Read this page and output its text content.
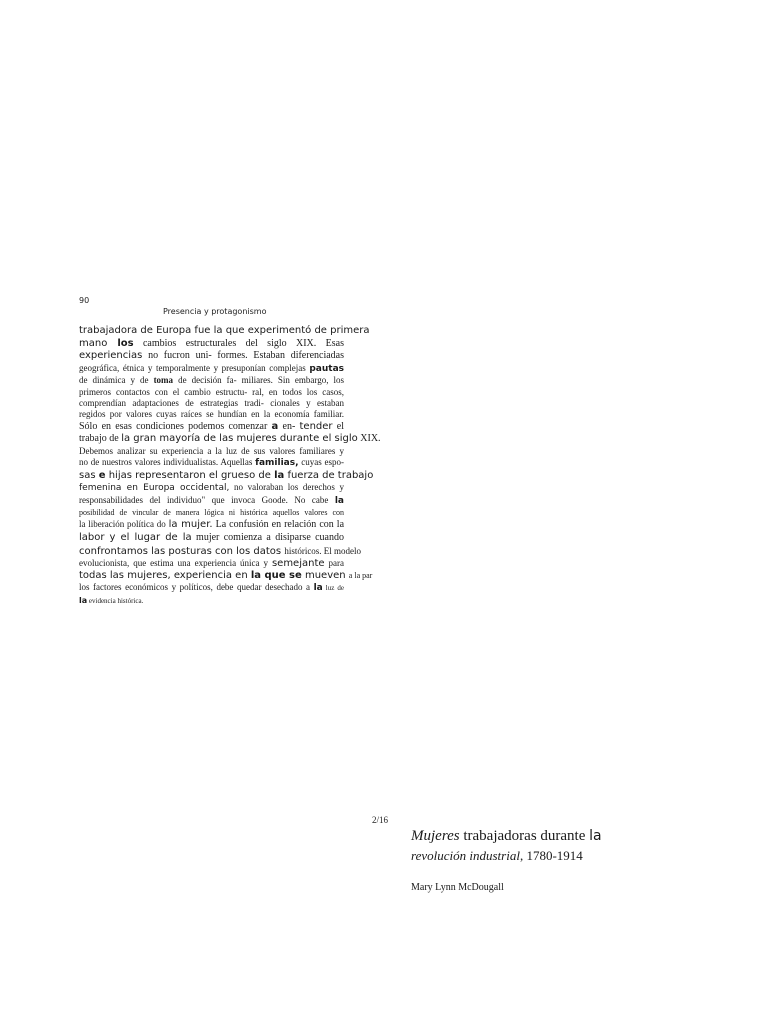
90
Presencia y protagonismo
trabajadora de Europa fue la que experimentó de primera
mano los cambios estructurales del siglo XIX. Esas
experiencias no fucron uni- formes. Estaban diferenciadas
geográfica, étnica y temporalmente y presuponían complejas pautas
de dinámica y de toma de decisión fa- miliares. Sin embargo, los
primeros contactos con el cambio estructu- ral, en todos los casos,
comprendían adaptaciones de estrategias tradi- cionales y estaban
regidos por valores cuyas raíces se hundían en la economía familiar.
Sólo en esas condiciones podemos comenzar a en- tender el
trabajo de la gran mayoría de las mujeres durante el siglo XIX.
Debemos analizar su experiencia a la luz de sus valores familiares y
no de nuestros valores individualistas. Aquellas familias, cuyas espo-
sas e hijas representaron el grueso de la fuerza de trabajo
femenina en Europa occidental, no valoraban los derechos y
responsabilidades del individuo" que invoca Goode. No cabe la
posibilidad de vincular de manera lógica ni histórica aquellos valores con
la liberación política do la mujer. La confusión en relación con la
labor y el lugar de la mujer comienza a disiparse cuando
confrontamos las posturas con los datos históricos. El modelo
evolucionista, que estima una experiencia única y semejante para
todas las mujeres, experiencia en la que se mueven a la par
los factores económicos y políticos, debe quedar desechado a la luz de
la evidencia histórica.
2/16
Mujeres trabajadoras durante la
revolución industrial, 1780-1914
Mary Lynn McDougall
